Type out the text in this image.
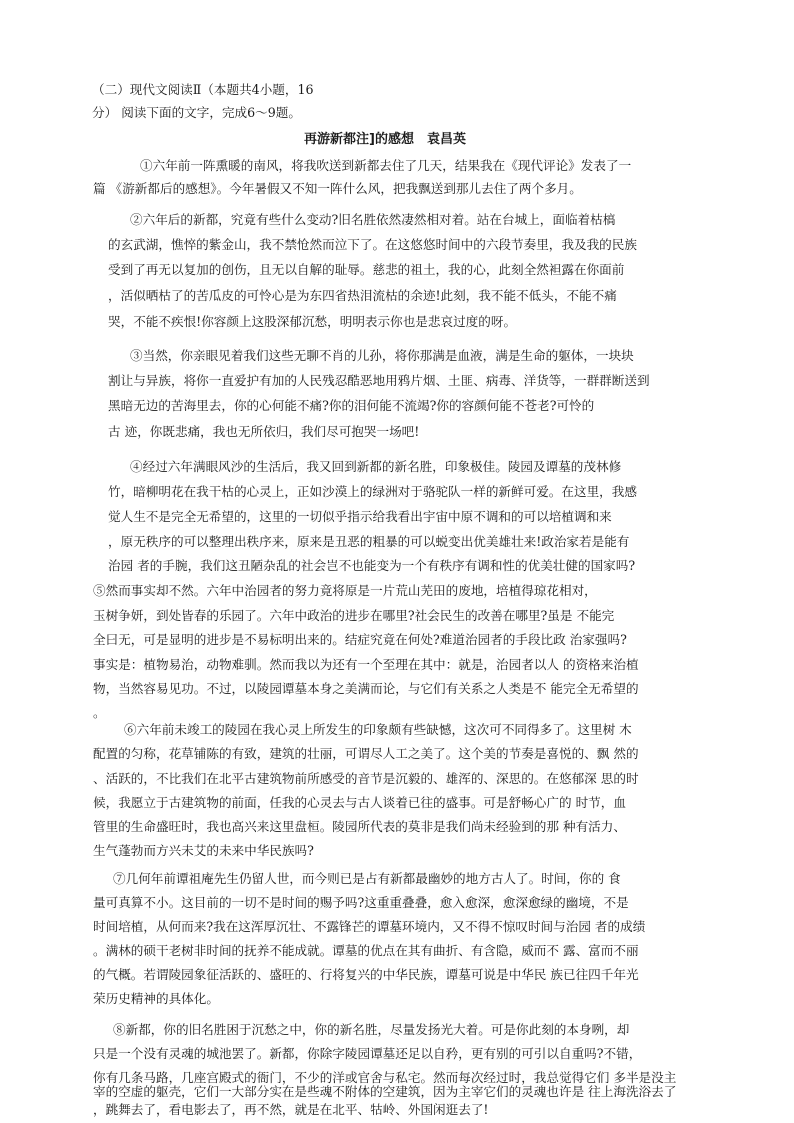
（二）现代文阅读Ⅱ（本题共4小题，16
分） 阅读下面的文字，完成6～9题。
再游新都注]的感想　袁昌英
①六年前一阵熏暖的南风，将我吹送到新都去住了几天，结果我在《现代评论》发表了一
篇 《游新都后的感想》。今年暑假又不知一阵什么风，把我飘送到那儿去住了两个多月。
②六年后的新都，究竟有些什么变动?旧名胜依然凄然相对着。站在台城上，面临着枯槁
的玄武湖，憔悴的紫金山，我不禁怆然而泣下了。在这悠悠时间中的六段节奏里，我及我的民族
受到了再无以复加的创伤，且无以自解的耻辱。慈悲的祖土，我的心，此刻全然袒露在你面前
，活似晒枯了的苦瓜皮的可怜心是为东四省热泪流枯的余迹!此刻，我不能不低头，不能不痛
哭，不能不疾恨!你容颜上这股深郁沉愁，明明表示你也是悲哀过度的呀。
③当然，你亲眼见着我们这些无聊不肖的儿孙，将你那满是血液，满是生命的躯体，一块块
割让与异族，将你一直爱护有加的人民残忍酷恶地用鸦片烟、土匪、病毒、洋货等，一群群断送到
黑暗无边的苦海里去，你的心何能不痛?你的泪何能不流竭?你的容颜何能不苍老?可怜的
古 迹，你既悲痛，我也无所依归，我们尽可抱哭一场吧!
④经过六年满眼风沙的生活后，我又回到新都的新名胜，印象极佳。陵园及谭墓的茂林修
竹，暗柳明花在我干枯的心灵上，正如沙漠上的绿洲对于骆驼队一样的新鲜可爱。在这里，我感
觉人生不是完全无希望的，这里的一切似乎指示给我看出宇宙中原不调和的可以培植调和来
，原无秩序的可以整理出秩序来，原来是丑恶的粗暴的可以蜕变出优美雄壮来!政治家若是能有
治园 者的手腕，我们这丑陋杂乱的社会岂不也能变为一个有秩序有调和性的优美壮健的国家吗?
⑤然而事实却不然。六年中治园者的努力竟将原是一片荒山芜田的废地，培植得琼花相对，
玉树争妍，到处皆春的乐园了。六年中政治的进步在哪里?社会民生的改善在哪里?虽是 不能完
全曰无，可是显明的进步是不易标明出来的。结症究竟在何处?难道治园者的手段比政 治家强吗?
事实是：植物易治，动物难驯。然而我以为还有一个至理在其中：就是，治园者以人 的资格来治植
物，当然容易见功。不过，以陵园谭墓本身之美满而论，与它们有关系之人类是不 能完全无希望的
。
⑥六年前未竣工的陵园在我心灵上所发生的印象颇有些缺憾，这次可不同得多了。这里树 木
配置的匀称，花草铺陈的有致，建筑的壮丽，可谓尽人工之美了。这个美的节奏是喜悦的、飘 然的
、活跃的，不比我们在北平古建筑物前所感受的音节是沉毅的、雄浑的、深思的。在悠郁深 思的时
候，我愿立于古建筑物的前面，任我的心灵去与古人谈着已往的盛事。可是舒畅心广的 时节，血
管里的生命盛旺时，我也高兴来这里盘桓。陵园所代表的莫非是我们尚未经验到的那 种有活力、
生气蓬勃而方兴未艾的未来中华民族吗?
⑦几何年前谭祖庵先生仍留人世，而今则已是占有新都最幽妙的地方古人了。时间，你的 食
量可真算不小。这目前的一切不是时间的赐予吗?这重重叠叠，愈入愈深，愈深愈绿的幽境，不是
时间培植，从何而来?我在这浑厚沉壮、不露锋芒的谭墓环境内，又不得不惊叹时间与治园 者的成绩
。满林的硕干老树非时间的抚养不能成就。谭墓的优点在其有曲折、有含隐，威而不 露、富而不丽
的气概。若谓陵园象征活跃的、盛旺的、行将复兴的中华民族，谭墓可说是中华民 族已往四千年光
荣历史精神的具体化。
⑧新都，你的旧名胜困于沉愁之中，你的新名胜，尽量发扬光大着。可是你此刻的本身咧，却
只是一个没有灵魂的城池罢了。新都，你除字陵园谭墓还足以自矜，更有别的可引以自重吗?不错，
你有几条马路，几座宫殿式的衙门，不少的洋或官舍与私宅。然而每次经过时，我总觉得它们 多半是没主
宰的空虚的躯壳，它们一大部分实在是些魂不附体的空建筑，因为主宰它们的灵魂也许是 往上海洗浴去了
，跳舞去了，看电影去了，再不然，就是在北平、牯岭、外国闲逛去了!
